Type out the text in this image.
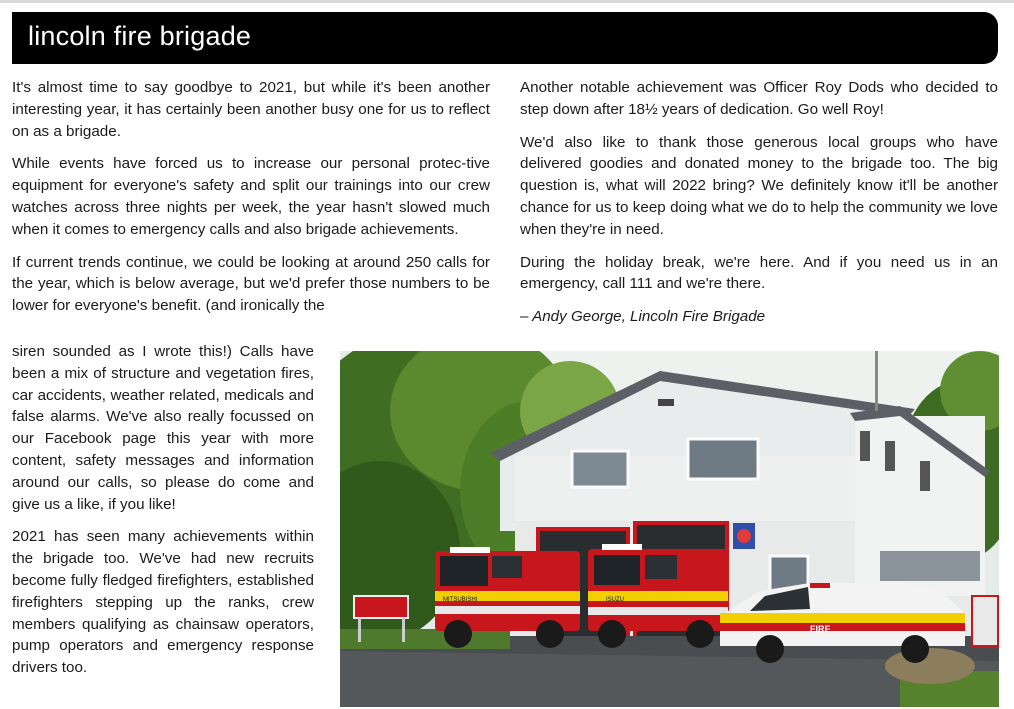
lincoln fire brigade

It's almost time to say goodbye to 2021, but while it's been another interesting year, it has certainly been another busy one for us to reflect on as a brigade.

While events have forced us to increase our personal protec-tive equipment for everyone's safety and split our trainings into our crew watches across three nights per week, the year hasn't slowed much when it comes to emergency calls and also brigade achievements.

If current trends continue, we could be looking at around 250 calls for the year, which is below average, but we'd prefer those numbers to be lower for everyone's benefit. (and ironically the

siren sounded as I wrote this!) Calls have been a mix of structure and vegetation fires, car accidents, weather related, medicals and false alarms. We've also really focussed on our Facebook page this year with more content, safety messages and information around our calls, so please do come and give us a like, if you like!

2021 has seen many achievements within the brigade too. We've had new recruits become fully fledged firefighters, established firefighters stepping up the ranks, crew members qualifying as chainsaw operators, pump operators and emergency response drivers too.

Another notable achievement was Officer Roy Dods who decided to step down after 18½ years of dedication. Go well Roy!

We'd also like to thank those generous local groups who have delivered goodies and donated money to the brigade too. The big question is, what will 2022 bring? We definitely know it'll be another chance for us to keep doing what we do to help the community we love when they're in need.

During the holiday break, we're here. And if you need us in an emergency, call 111 and we're there.

– Andy George, Lincoln Fire Brigade

MITSUBISHI	ISUZU
FIRE
